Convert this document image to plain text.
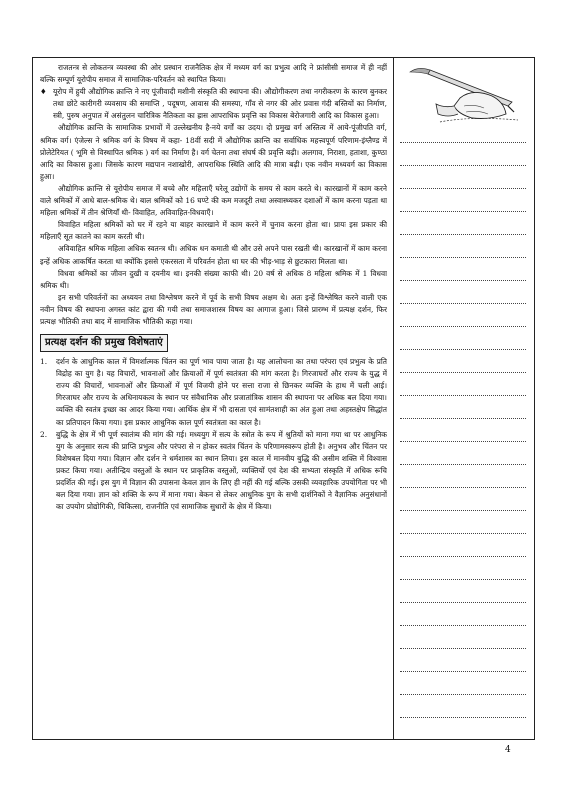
राजतन्त्र से लोकतन्त्र व्यवस्था की ओर प्रस्थान राजनैतिक क्षेत्र में मध्यम वर्ग का प्रभुत्व आदि ने फ्रांसीसी समाज में ही नहीं बल्कि सम्पूर्ण यूरोपीय समाज में सामाजिक-परिवर्तन को स्थापित किया।

♦ यूरोप में हुयी औद्योगिक क्रान्ति ने नए पूंजीवादी मशीनी संस्कृति की स्थापना की। औद्योगीकरण तथा नगरीकरण के कारण बुनकर तथा छोटे कारीगरी व्यवसाय की समाप्ति , पदूषण, आवास की समस्या, गाँव से नगर की ओर प्रवास गंदी बस्तियों का निर्माण, स्त्री, पुरुष अनुपात में असंतुलन चारित्रिक नैतिकता का ह्रास आपराधिक प्रवृत्ति का विकास बेरोजगारी आदि का विकास हुआ।

औद्योगिक क्रान्ति के सामाजिक प्रभावों में उल्लेखनीय है-नये वर्गों का उदय। दो प्रमुख वर्ग अस्तित्व में आये-पूंजीपति वर्ग, श्रमिक वर्ग। एंजेल्स ने श्रमिक वर्ग के विषय में कहा- 18वीं सदी में औद्योगिक क्रान्ति का सर्वाधिक महत्त्वपूर्ण परिणाम-इंग्लैण्ड में प्रोलेटेरियत ( भूमि से विस्थापित श्रमिक ) वर्ग का निर्माण है। वर्ग चेतना तथा संघर्ष की प्रवृत्ति बढ़ी। अलगाव, निराशा, हताशा, कुण्ठा आदि का विकास हुआ। जिसके कारण मद्यपान नशाखोरी, आपराधिक स्थिति आदि की मात्रा बढ़ी। एक नवीन मध्यवर्ग का विकास हुआ।

औद्योगिक क्रान्ति से यूरोपीय समाज में बच्चे और महिलाएँ घरेलू उद्योगों के समय से काम करते थे। कारखानों में काम करने वाले श्रमिकों में आधे बाल-श्रमिक थे। बाल श्रमिकों को 16 घण्टे की कम मजदूरी तथा अस्वास्थ्यकर दशाओं में काम करना पड़ता था महिला श्रमिकों में तीन श्रेणियाँ थी- विवाहित, अविवाहित-विधवाएँ।

विवाहित महिला श्रमिकों को घर में रहने या बाहर कारखाने में काम करने में चुनाव करना होता था। प्रायः इस प्रकार की महिलाएँ सूत कातने का काम करती थी।

अविवाहित श्रमिक महिला अधिक स्वतन्त्र थी। अधिक धन कमाती थी और उसे अपने पास रखती थी। कारखानों में काम करना इन्हें अधिक आकर्षित करता था क्योंकि इससे एकरसता में परिवर्तन होता था घर की भीड़-भाड़ से छुटकारा मिलता था।

विधवा श्रमिकों का जीवन दुखी व दयनीय था। इनकी संख्या काफी थी। 20 वर्ष से अधिक 8 महिला श्रमिक में 1 विधवा श्रमिक थी।

इन सभी परिवर्तनों का अध्ययन तथा विश्लेषण करने में पूर्व के सभी विषय अक्षम थे। अतः इन्हें विश्लेषित करने वाली एक नवीन विषय की स्थापना अगस्त कांट द्वारा की गयी तथा समाजशास्त्र विषय का आगाज हुआ। जिसे प्रारम्भ में प्रत्यक्ष दर्शन, फिर प्रत्यक्ष भौतिकी तथा बाद में सामाजिक भौतिकी कहा गया।

प्रत्यक्ष दर्शन की प्रमुख विशेषताएं
1. दर्शन के आधुनिक काल में विमर्शात्मक चिंतन का पूर्ण भाव पाया जाता है। यह आलोचना का तथा परंपरा एवं प्रभुत्व के प्रति विद्रोह का युग है। यह विचारों, भावनाओं और क्रियाओं में पूर्ण स्वतंत्रता की मांग करता है। गिरजाघरों और राज्य के युद्ध में राज्य की विचारों, भावनाओं और क्रियाओं में पूर्ण विजयी होने पर सत्ता राजा से छिनकर व्यक्ति के हाथ में चली आई। गिरजाघर और राज्य के अधिनायकत्व के स्थान पर संवैधानिक और प्रजातांत्रिक शासन की स्थापना पर अधिक बल दिया गया। व्यक्ति की स्वतंत्र इच्छा का आदर किया गया। आर्थिक क्षेत्र में भी दासता एवं सामंतशाही का अंत हुआ तथा अहस्तक्षेप सिद्धांत का प्रतिपादन किया गया। इस प्रकार आधुनिक काल पूर्ण स्वतंत्रता का काल है।

2. बुद्धि के क्षेत्र में भी पूर्ण स्वातंत्र्य की मांग की गई। मध्ययुग में सत्य के स्त्रोत के रूप में श्रुतियों को माना गया था पर आधुनिक युग के अनुसार सत्य की प्राप्ति प्रभुत्व और परंपरा से न होकर स्वतंत्र चिंतन के परिणामस्वरूप होती है। अनुभव और चिंतन पर विशेषबल दिया गया। विज्ञान और दर्शन ने धर्मशास्त्र का स्थान लिया। इस काल में मानवीय बुद्धि की असीम शक्ति में विश्वास प्रकट किया गया। अतीन्द्रिय वस्तुओं के स्थान पर प्राकृतिक वस्तुओं, व्यक्तियों एवं देश की सभ्यता संस्कृति में अधिक रूचि प्रदर्शित की गई। इस युग में विज्ञान की उपासना केवल ज्ञान के लिए ही नहीं की गई बल्कि उसकी व्यवहारिक उपयोगिता पर भी बल दिया गया। ज्ञान को शक्ति के रूप में माना गया। बेकन से लेकर आधुनिक युग के सभी दार्शनिकों ने वैज्ञानिक अनुसंधानों का उपयोग प्रोद्योगिकी, चिकित्सा, राजनीति एवं सामाजिक सुधारों के क्षेत्र में किया।

4
